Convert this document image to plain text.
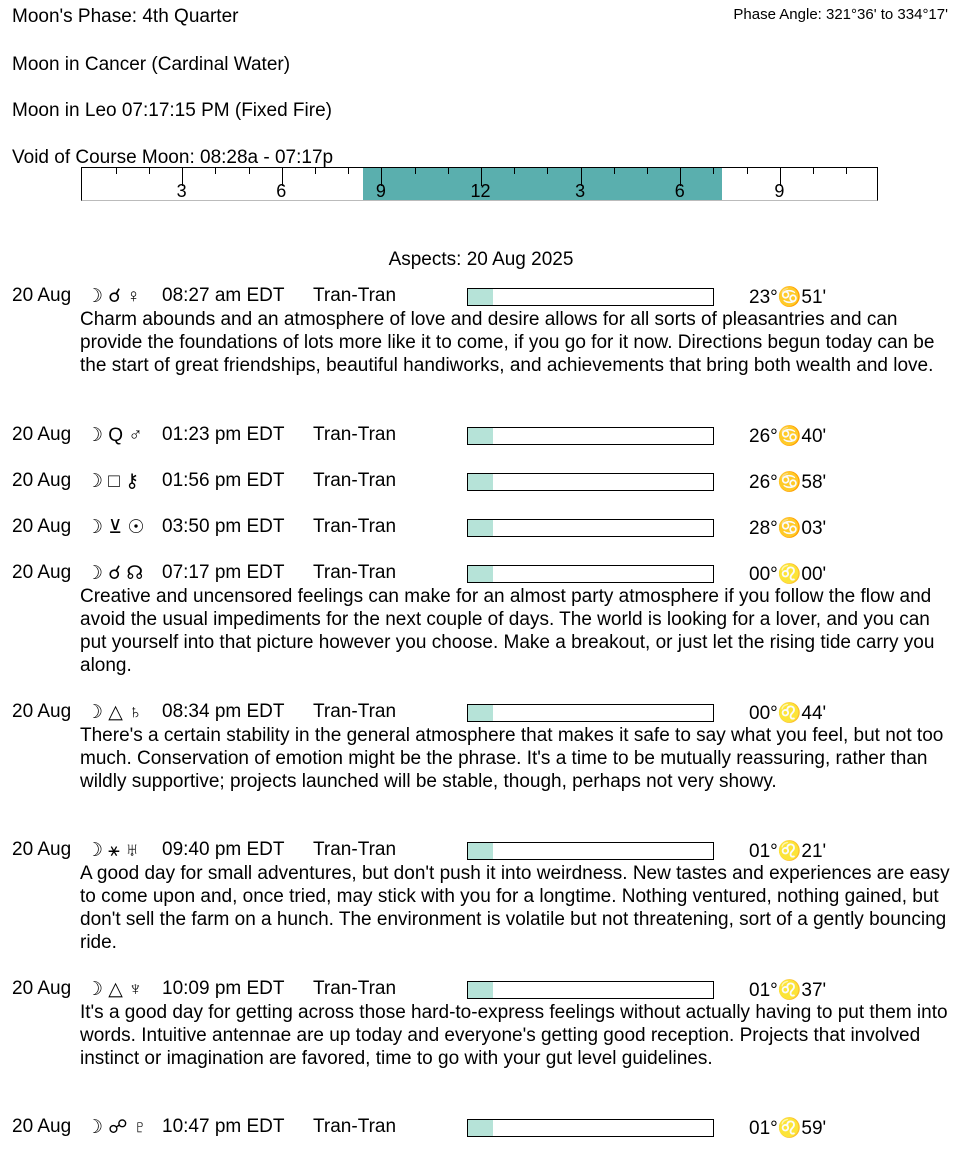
Moon's Phase: 4th Quarter	Phase Angle: 321°36' to 334°17'
Moon in Cancer (Cardinal Water)
Moon in Leo 07:17:15 PM (Fixed Fire)
Void of Course Moon: 08:28a - 07:17p
3	6	9	12	3	6	9
Aspects: 20 Aug 2025
20 Aug ☽ ☌ ♀	08:27 am EDT Tran-Tran	23°♋51'
Charm abounds and an atmosphere of love and desire allows for all sorts of pleasantries and can provide the foundations of lots more like it to come, if you go for it now. Directions begun today can be the start of great friendships, beautiful handiworks, and achievements that bring both wealth and love.
20 Aug ☽ Q ♂	01:23 pm EDT Tran-Tran	26°♋40'
20 Aug ☽ □ ⚷	01:56 pm EDT Tran-Tran	26°♋58'
20 Aug ☽ ⊻ ☉ 03:50 pm EDT Tran-Tran	28°♋03'
20 Aug ☽ ☌ ☊ 07:17 pm EDT Tran-Tran	00°♌00'
Creative and uncensored feelings can make for an almost party atmosphere if you follow the flow and avoid the usual impediments for the next couple of days. The world is looking for a lover, and you can put yourself into that picture however you choose. Make a breakout, or just let the rising tide carry you along.
20 Aug ☽ △ ♄	08:34 pm EDT Tran-Tran	00°♌44'
There's a certain stability in the general atmosphere that makes it safe to say what you feel, but not too much. Conservation of emotion might be the phrase. It's a time to be mutually reassuring, rather than wildly supportive; projects launched will be stable, though, perhaps not very showy.
20 Aug ☽ ⚹ ♅	09:40 pm EDT Tran-Tran	01°♌21'
A good day for small adventures, but don't push it into weirdness. New tastes and experiences are easy to come upon and, once tried, may stick with you for a longtime. Nothing ventured, nothing gained, but don't sell the farm on a hunch. The environment is volatile but not threatening, sort of a gently bouncing ride.
20 Aug ☽ △ ♆	10:09 pm EDT Tran-Tran	01°♌37'
It's a good day for getting across those hard-to-express feelings without actually having to put them into words. Intuitive antennae are up today and everyone's getting good reception. Projects that involved instinct or imagination are favored, time to go with your gut level guidelines.
20 Aug ☽ ☍ ♇ 10:47 pm EDT Tran-Tran	01°♌59'
